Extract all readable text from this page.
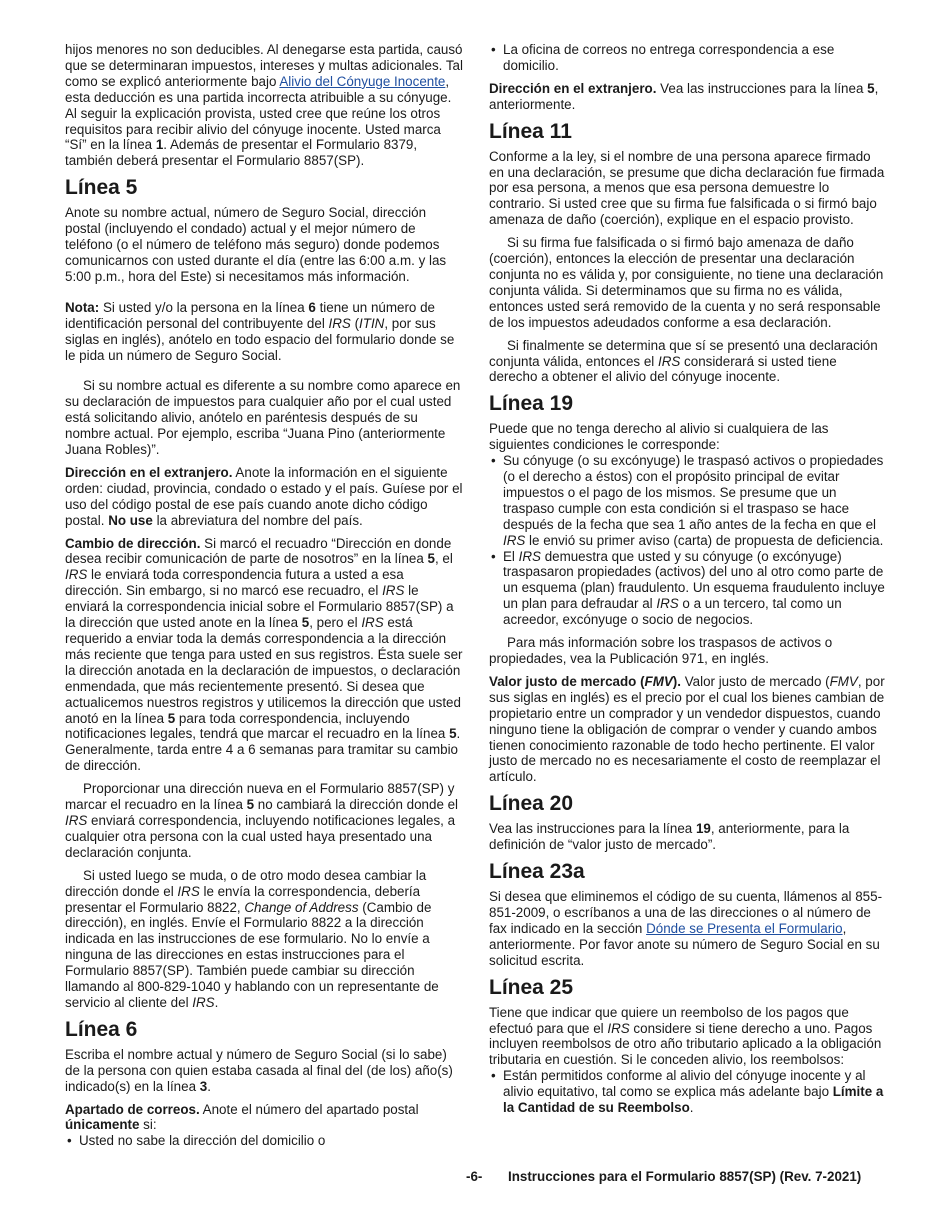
hijos menores no son deducibles. Al denegarse esta partida, causó que se determinaran impuestos, intereses y multas adicionales. Tal como se explicó anteriormente bajo Alivio del Cónyuge Inocente, esta deducción es una partida incorrecta atribuible a su cónyuge. Al seguir la explicación provista, usted cree que reúne los otros requisitos para recibir alivio del cónyuge inocente. Usted marca “Sí” en la línea 1. Además de presentar el Formulario 8379, también deberá presentar el Formulario 8857(SP).

Línea 5

Anote su nombre actual, número de Seguro Social, dirección postal (incluyendo el condado) actual y el mejor número de teléfono (o el número de teléfono más seguro) donde podemos comunicarnos con usted durante el día (entre las 6:00 a.m. y las 5:00 p.m., hora del Este) si necesitamos más información.

Nota: Si usted y/o la persona en la línea 6 tiene un número de identificación personal del contribuyente del IRS (ITIN, por sus siglas en inglés), anótelo en todo espacio del formulario donde se le pida un número de Seguro Social.

Si su nombre actual es diferente a su nombre como aparece en su declaración de impuestos para cualquier año por el cual usted está solicitando alivio, anótelo en paréntesis después de su nombre actual. Por ejemplo, escriba “Juana Pino (anteriormente Juana Robles)”.

Dirección en el extranjero. Anote la información en el siguiente orden: ciudad, provincia, condado o estado y el país. Guíese por el uso del código postal de ese país cuando anote dicho código postal. No use la abreviatura del nombre del país.

Cambio de dirección. Si marcó el recuadro “Dirección en donde desea recibir comunicación de parte de nosotros” en la línea 5, el IRS le enviará toda correspondencia futura a usted a esa dirección. Sin embargo, si no marcó ese recuadro, el IRS le enviará la correspondencia inicial sobre el Formulario 8857(SP) a la dirección que usted anote en la línea 5, pero el IRS está requerido a enviar toda la demás correspondencia a la dirección más reciente que tenga para usted en sus registros. Ésta suele ser la dirección anotada en la declaración de impuestos, o declaración enmendada, que más recientemente presentó. Si desea que actualicemos nuestros registros y utilicemos la dirección que usted anotó en la línea 5 para toda correspondencia, incluyendo notificaciones legales, tendrá que marcar el recuadro en la línea 5. Generalmente, tarda entre 4 a 6 semanas para tramitar su cambio de dirección.

Proporcionar una dirección nueva en el Formulario 8857(SP) y marcar el recuadro en la línea 5 no cambiará la dirección donde el IRS enviará correspondencia, incluyendo notificaciones legales, a cualquier otra persona con la cual usted haya presentado una declaración conjunta.

Si usted luego se muda, o de otro modo desea cambiar la dirección donde el IRS le envía la correspondencia, debería presentar el Formulario 8822, Change of Address (Cambio de dirección), en inglés. Envíe el Formulario 8822 a la dirección indicada en las instrucciones de ese formulario. No lo envíe a ninguna de las direcciones en estas instrucciones para el Formulario 8857(SP). También puede cambiar su dirección llamando al 800-829-1040 y hablando con un representante de servicio al cliente del IRS.

Línea 6

Escriba el nombre actual y número de Seguro Social (si lo sabe) de la persona con quien estaba casada al final del (de los) año(s) indicado(s) en la línea 3.

Apartado de correos. Anote el número del apartado postal únicamente si:

• Usted no sabe la dirección del domicilio o

• La oficina de correos no entrega correspondencia a ese domicilio.

Dirección en el extranjero. Vea las instrucciones para la línea 5, anteriormente.

Línea 11

Conforme a la ley, si el nombre de una persona aparece firmado en una declaración, se presume que dicha declaración fue firmada por esa persona, a menos que esa persona demuestre lo contrario. Si usted cree que su firma fue falsificada o si firmó bajo amenaza de daño (coerción), explique en el espacio provisto.

Si su firma fue falsificada o si firmó bajo amenaza de daño (coerción), entonces la elección de presentar una declaración conjunta no es válida y, por consiguiente, no tiene una declaración conjunta válida. Si determinamos que su firma no es válida, entonces usted será removido de la cuenta y no será responsable de los impuestos adeudados conforme a esa declaración.

Si finalmente se determina que sí se presentó una declaración conjunta válida, entonces el IRS considerará si usted tiene derecho a obtener el alivio del cónyuge inocente.

Línea 19

Puede que no tenga derecho al alivio si cualquiera de las siguientes condiciones le corresponde:

• Su cónyuge (o su excónyuge) le traspasó activos o propiedades (o el derecho a éstos) con el propósito principal de evitar impuestos o el pago de los mismos. Se presume que un traspaso cumple con esta condición si el traspaso se hace después de la fecha que sea 1 año antes de la fecha en que el IRS le envió su primer aviso (carta) de propuesta de deficiencia.

• El IRS demuestra que usted y su cónyuge (o excónyuge) traspasaron propiedades (activos) del uno al otro como parte de un esquema (plan) fraudulento. Un esquema fraudulento incluye un plan para defraudar al IRS o a un tercero, tal como un acreedor, excónyuge o socio de negocios.

Para más información sobre los traspasos de activos o propiedades, vea la Publicación 971, en inglés.

Valor justo de mercado (FMV). Valor justo de mercado (FMV, por sus siglas en inglés) es el precio por el cual los bienes cambian de propietario entre un comprador y un vendedor dispuestos, cuando ninguno tiene la obligación de comprar o vender y cuando ambos tienen conocimiento razonable de todo hecho pertinente. El valor justo de mercado no es necesariamente el costo de reemplazar el artículo.

Línea 20

Vea las instrucciones para la línea 19, anteriormente, para la definición de “valor justo de mercado”.

Línea 23a

Si desea que eliminemos el código de su cuenta, llámenos al 855-851-2009, o escríbanos a una de las direcciones o al número de fax indicado en la sección Dónde se Presenta el Formulario, anteriormente. Por favor anote su número de Seguro Social en su solicitud escrita.

Línea 25

Tiene que indicar que quiere un reembolso de los pagos que efectuó para que el IRS considere si tiene derecho a uno. Pagos incluyen reembolsos de otro año tributario aplicado a la obligación tributaria en cuestión. Si le conceden alivio, los reembolsos:

• Están permitidos conforme al alivio del cónyuge inocente y al alivio equitativo, tal como se explica más adelante bajo Límite a la Cantidad de su Reembolso.

-6- Instrucciones para el Formulario 8857(SP) (Rev. 7-2021)
